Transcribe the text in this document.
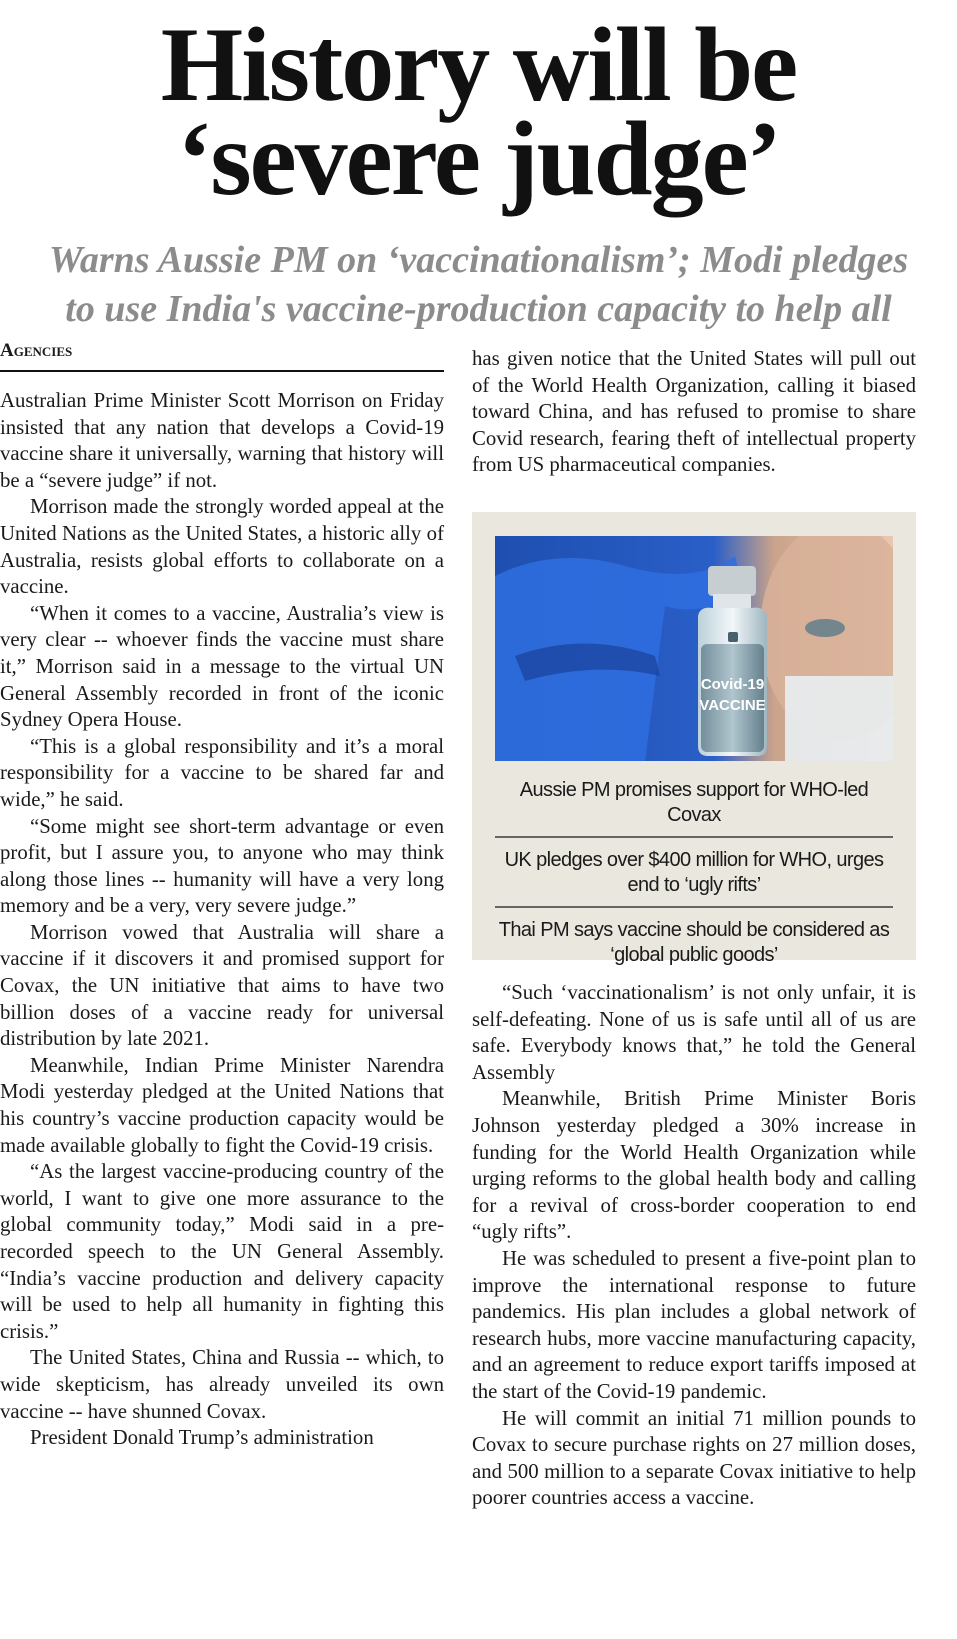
History will be
‘severe judge’
Warns Aussie PM on ‘vaccinationalism’; Modi pledges
to use India's vaccine-production capacity to help all
Agencies

Australian Prime Minister Scott Morrison on Friday insisted that any nation that develops a Covid-19 vaccine share it universally, warning that history will be a “severe judge” if not.

Morrison made the strongly worded appeal at the United Nations as the United States, a historic ally of Australia, resists global efforts to collaborate on a vaccine.

“When it comes to a vaccine, Australia’s view is very clear -- whoever finds the vaccine must share it,” Morrison said in a message to the virtual UN General Assembly recorded in front of the iconic Sydney Opera House.

“This is a global responsibility and it’s a moral responsibility for a vaccine to be shared far and wide,” he said.

“Some might see short-term advantage or even profit, but I assure you, to anyone who may think along those lines -- humanity will have a very long memory and be a very, very severe judge.”

Morrison vowed that Australia will share a vaccine if it discovers it and promised support for Covax, the UN initiative that aims to have two billion doses of a vaccine ready for universal distribution by late 2021.

Meanwhile, Indian Prime Minister Narendra Modi yesterday pledged at the United Nations that his country’s vaccine production capacity would be made available globally to fight the Covid-19 crisis.

“As the largest vaccine-producing country of the world, I want to give one more assurance to the global community today,” Modi said in a pre-recorded speech to the UN General Assembly. “India’s vaccine production and delivery capacity will be used to help all humanity in fighting this crisis.”

The United States, China and Russia -- which, to wide skepticism, has already unveiled its own vaccine -- have shunned Covax.

President Donald Trump’s administration

has given notice that the United States will pull out of the World Health Organization, calling it biased toward China, and has refused to promise to share Covid research, fearing theft of intellectual property from US pharmaceutical companies.

Covid-19
VACCINE
Aussie PM promises support for WHO-led Covax
UK pledges over $400 million for WHO, urges end to ‘ugly rifts’
Thai PM says vaccine should be considered as ‘global public goods’

“Such ‘vaccinationalism’ is not only unfair, it is self-defeating. None of us is safe until all of us are safe. Everybody knows that,” he told the General Assembly

Meanwhile, British Prime Minister Boris Johnson yesterday pledged a 30% increase in funding for the World Health Organization while urging reforms to the global health body and calling for a revival of cross-border cooperation to end “ugly rifts”.

He was scheduled to present a five-point plan to improve the international response to future pandemics. His plan includes a global network of research hubs, more vaccine manufacturing capacity, and an agreement to reduce export tariffs imposed at the start of the Covid-19 pandemic.

He will commit an initial 71 million pounds to Covax to secure purchase rights on 27 million doses, and 500 million to a separate Covax initiative to help poorer countries access a vaccine.
